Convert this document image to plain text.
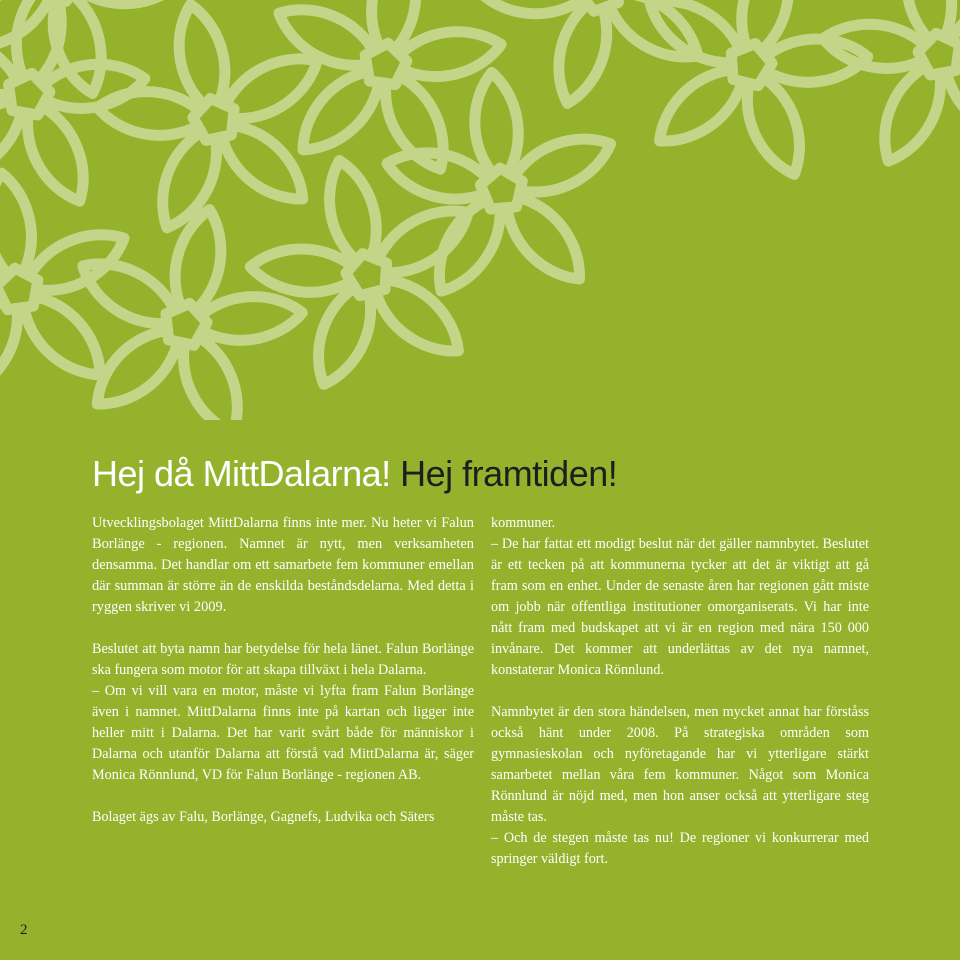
Hej då MittDalarna! Hej framtiden!

Utvecklingsbolaget MittDalarna finns inte mer. Nu heter vi Falun Borlänge - regionen. Namnet är nytt, men verksamheten densamma. Det handlar om ett samarbete fem kommuner emellan där summan är större än de enskilda beståndsdelarna. Med detta i ryggen skriver vi 2009.

Beslutet att byta namn har betydelse för hela länet. Falun Borlänge ska fungera som motor för att skapa tillväxt i hela Dalarna.

– Om vi vill vara en motor, måste vi lyfta fram Falun Borlänge även i namnet. MittDalarna finns inte på kartan och ligger inte heller mitt i Dalarna. Det har varit svårt både för människor i Dalarna och utanför Dalarna att förstå vad MittDalarna är, säger Monica Rönnlund, VD för Falun Borlänge - regionen AB.

Bolaget ägs av Falu, Borlänge, Gagnefs, Ludvika och Säters

kommuner.

– De har fattat ett modigt beslut när det gäller namnbytet. Beslutet är ett tecken på att kommunerna tycker att det är viktigt att gå fram som en enhet. Under de senaste åren har regionen gått miste om jobb när offentliga institutioner omorganiserats. Vi har inte nått fram med budskapet att vi är en region med nära 150 000 invånare. Det kommer att underlättas av det nya namnet, konstaterar Monica Rönnlund.

Namnbytet är den stora händelsen, men mycket annat har förståss också hänt under 2008. På strategiska områden som gymnasieskolan och nyföretagande har vi ytterligare stärkt samarbetet mellan våra fem kommuner. Något som Monica Rönnlund är nöjd med, men hon anser också att ytterligare steg måste tas.

– Och de stegen måste tas nu! De regioner vi konkurrerar med springer väldigt fort.

2
